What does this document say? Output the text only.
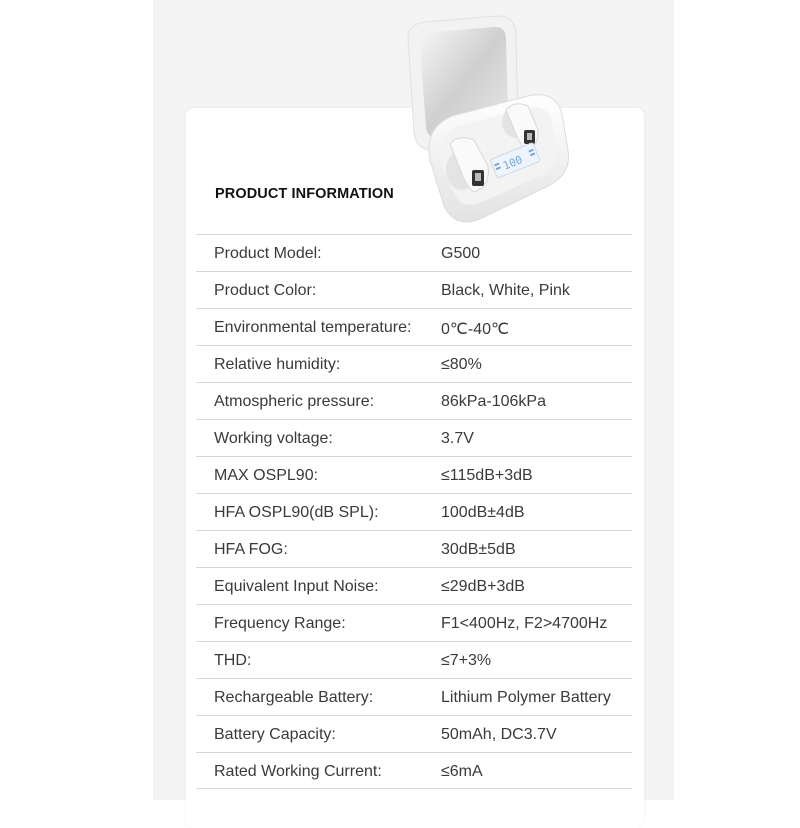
100
PRODUCT INFORMATION
Product Model:	G500
Product Color:	Black, White, Pink
Environmental temperature: 0℃-40℃
Relative humidity:	≤80%
Atmospheric pressure:	86kPa-106kPa
Working voltage:	3.7V
MAX OSPL90:	≤115dB+3dB
HFA OSPL90(dB SPL):	100dB±4dB
HFA FOG:	30dB±5dB
Equivalent Input Noise:	≤29dB+3dB
Frequency Range:	F1<400Hz, F2>4700Hz
THD:	≤7+3%
Rechargeable Battery:	Lithium Polymer Battery
Battery Capacity:	50mAh, DC3.7V
Rated Working Current:	≤6mA
